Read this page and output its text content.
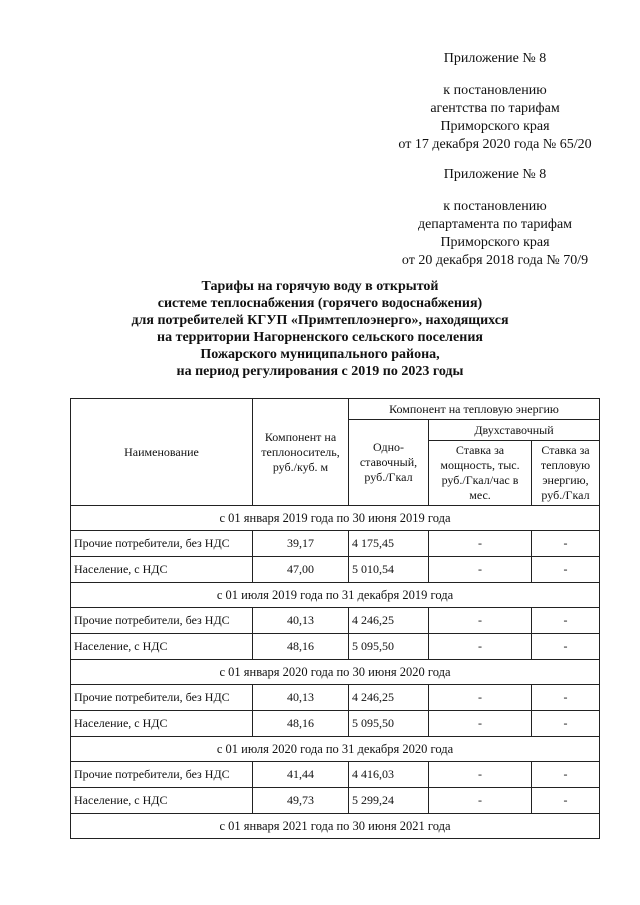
Приложение № 8
к постановлению
агентства по тарифам
Приморского края
от 17 декабря 2020 года № 65/20
Приложение № 8
к постановлению
департамента по тарифам
Приморского края
от 20 декабря 2018 года № 70/9
Тарифы на горячую воду в открытой
системе теплоснабжения (горячего водоснабжения)
для потребителей КГУП «Примтеплоэнерго», находящихся
на территории Нагорненского сельского поселения
Пожарского муниципального района,
на период регулирования с 2019 по 2023 годы
Наименование	Компонент на теплоноситель, руб./куб. м	Компонент на тепловую энергию		
		Одно-ставочный, руб./Гкал	Двухставочный	
			Ставка за мощность, тыс. руб./Гкал/час в мес.	Ставка за тепловую энергию, руб./Гкал
с 01 января 2019 года по 30 июня 2019 года				
Прочие потребители, без НДС	39,17	4 175,45	-	-
Население, с НДС	47,00	5 010,54	-	-
с 01 июля 2019 года по 31 декабря 2019 года				
Прочие потребители, без НДС	40,13	4 246,25	-	-
Население, с НДС	48,16	5 095,50	-	-
с 01 января 2020 года по 30 июня 2020 года				
Прочие потребители, без НДС	40,13	4 246,25	-	-
Население, с НДС	48,16	5 095,50	-	-
с 01 июля 2020 года по 31 декабря 2020 года				
Прочие потребители, без НДС	41,44	4 416,03	-	-
Население, с НДС	49,73	5 299,24	-	-
с 01 января 2021 года по 30 июня 2021 года				
